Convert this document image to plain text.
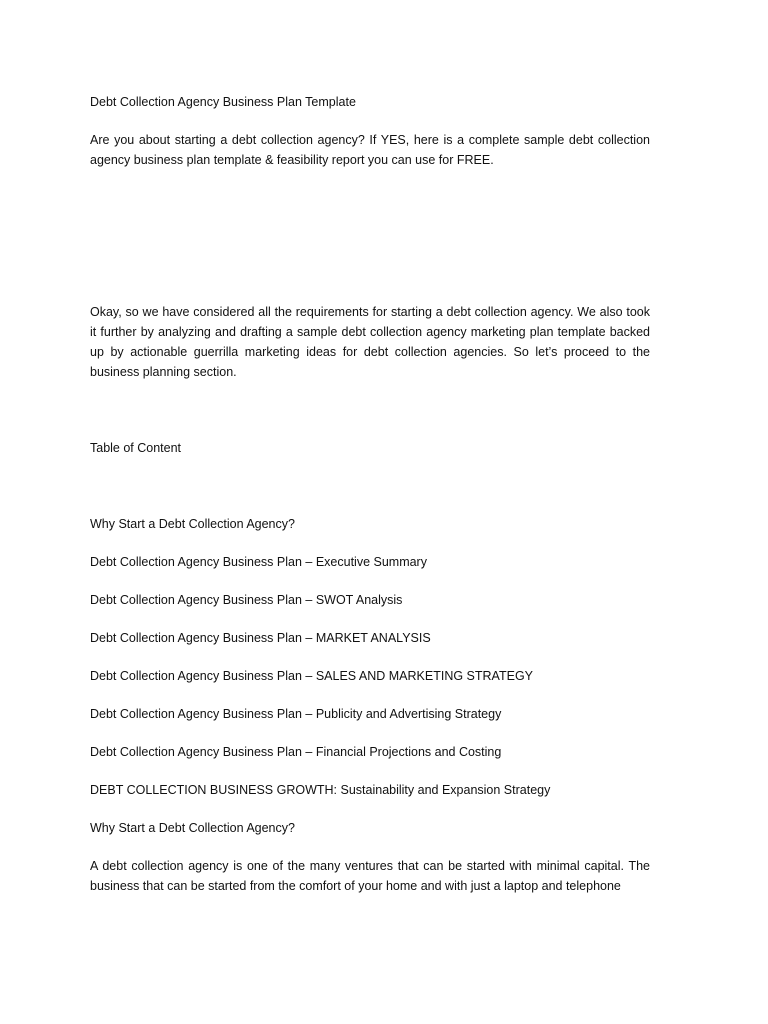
Debt Collection Agency Business Plan Template

Are you about starting a debt collection agency? If YES, here is a complete sample debt collection agency business plan template & feasibility report you can use for FREE.

Okay, so we have considered all the requirements for starting a debt collection agency. We also took it further by analyzing and drafting a sample debt collection agency marketing plan template backed up by actionable guerrilla marketing ideas for debt collection agencies. So let’s proceed to the business planning section.

Table of Content

Why Start a Debt Collection Agency?

Debt Collection Agency Business Plan – Executive Summary

Debt Collection Agency Business Plan – SWOT Analysis

Debt Collection Agency Business Plan – MARKET ANALYSIS

Debt Collection Agency Business Plan – SALES AND MARKETING STRATEGY

Debt Collection Agency Business Plan – Publicity and Advertising Strategy

Debt Collection Agency Business Plan – Financial Projections and Costing

DEBT COLLECTION BUSINESS GROWTH: Sustainability and Expansion Strategy

Why Start a Debt Collection Agency?

A debt collection agency is one of the many ventures that can be started with minimal capital. The business that can be started from the comfort of your home and with just a laptop and telephone
